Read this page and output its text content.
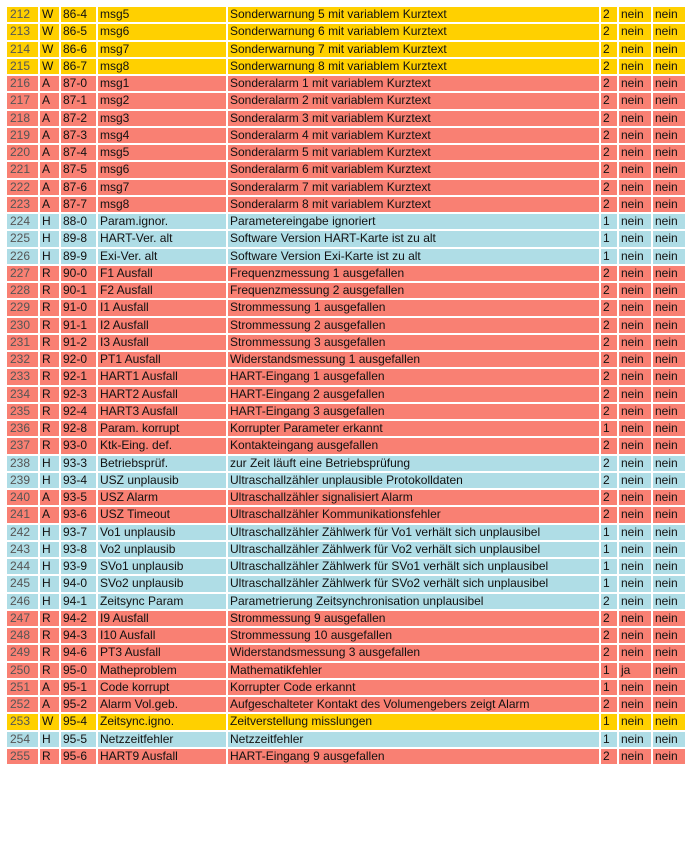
212	W	86-4	msg5	Sonderwarnung 5 mit variablem Kurztext	2	nein	nein
213	W	86-5	msg6	Sonderwarnung 6 mit variablem Kurztext	2	nein	nein
214	W	86-6	msg7	Sonderwarnung 7 mit variablem Kurztext	2	nein	nein
215	W	86-7	msg8	Sonderwarnung 8 mit variablem Kurztext	2	nein	nein
216	A	87-0	msg1	Sonderalarm 1 mit variablem Kurztext	2	nein	nein
217	A	87-1	msg2	Sonderalarm 2 mit variablem Kurztext	2	nein	nein
218	A	87-2	msg3	Sonderalarm 3 mit variablem Kurztext	2	nein	nein
219	A	87-3	msg4	Sonderalarm 4 mit variablem Kurztext	2	nein	nein
220	A	87-4	msg5	Sonderalarm 5 mit variablem Kurztext	2	nein	nein
221	A	87-5	msg6	Sonderalarm 6 mit variablem Kurztext	2	nein	nein
222	A	87-6	msg7	Sonderalarm 7 mit variablem Kurztext	2	nein	nein
223	A	87-7	msg8	Sonderalarm 8 mit variablem Kurztext	2	nein	nein
224	H	88-0	Param.ignor.	Parametereingabe ignoriert	1	nein	nein
225	H	89-8	HART-Ver. alt	Software Version HART-Karte ist zu alt	1	nein	nein
226	H	89-9	Exi-Ver. alt	Software Version Exi-Karte ist zu alt	1	nein	nein
227	R	90-0	F1 Ausfall	Frequenzmessung 1 ausgefallen	2	nein	nein
228	R	90-1	F2 Ausfall	Frequenzmessung 2 ausgefallen	2	nein	nein
229	R	91-0	I1 Ausfall	Strommessung 1 ausgefallen	2	nein	nein
230	R	91-1	I2 Ausfall	Strommessung 2 ausgefallen	2	nein	nein
231	R	91-2	I3 Ausfall	Strommessung 3 ausgefallen	2	nein	nein
232	R	92-0	PT1 Ausfall	Widerstandsmessung 1 ausgefallen	2	nein	nein
233	R	92-1	HART1 Ausfall	HART-Eingang 1 ausgefallen	2	nein	nein
234	R	92-3	HART2 Ausfall	HART-Eingang 2 ausgefallen	2	nein	nein
235	R	92-4	HART3 Ausfall	HART-Eingang 3 ausgefallen	2	nein	nein
236	R	92-8	Param. korrupt	Korrupter Parameter erkannt	1	nein	nein
237	R	93-0	Ktk-Eing. def.	Kontakteingang ausgefallen	2	nein	nein
238	H	93-3	Betriebsprüf.	zur Zeit läuft eine Betriebsprüfung	2	nein	nein
239	H	93-4	USZ unplausib	Ultraschallzähler unplausible Protokolldaten	2	nein	nein
240	A	93-5	USZ Alarm	Ultraschallzähler signalisiert Alarm	2	nein	nein
241	A	93-6	USZ Timeout	Ultraschallzähler Kommunikationsfehler	2	nein	nein
242	H	93-7	Vo1 unplausib	Ultraschallzähler Zählwerk für Vo1 verhält sich unplausibel	1	nein	nein
243	H	93-8	Vo2 unplausib	Ultraschallzähler Zählwerk für Vo2 verhält sich unplausibel	1	nein	nein
244	H	93-9	SVo1 unplausib	Ultraschallzähler Zählwerk für SVo1 verhält sich unplausibel	1	nein	nein
245	H	94-0	SVo2 unplausib	Ultraschallzähler Zählwerk für SVo2 verhält sich unplausibel	1	nein	nein
246	H	94-1	Zeitsync Param	Parametrierung Zeitsynchronisation unplausibel	2	nein	nein
247	R	94-2	I9 Ausfall	Strommessung 9 ausgefallen	2	nein	nein
248	R	94-3	I10 Ausfall	Strommessung 10 ausgefallen	2	nein	nein
249	R	94-6	PT3 Ausfall	Widerstandsmessung 3 ausgefallen	2	nein	nein
250	R	95-0	Matheproblem	Mathematikfehler	1	ja	nein
251	A	95-1	Code korrupt	Korrupter Code erkannt	1	nein	nein
252	A	95-2	Alarm Vol.geb.	Aufgeschalteter Kontakt des Volumengebers zeigt Alarm	2	nein	nein
253	W	95-4	Zeitsync.igno.	Zeitverstellung misslungen	1	nein	nein
254	H	95-5	Netzzeitfehler	Netzzeitfehler	1	nein	nein
255	R	95-6	HART9 Ausfall	HART-Eingang 9 ausgefallen	2	nein	nein
